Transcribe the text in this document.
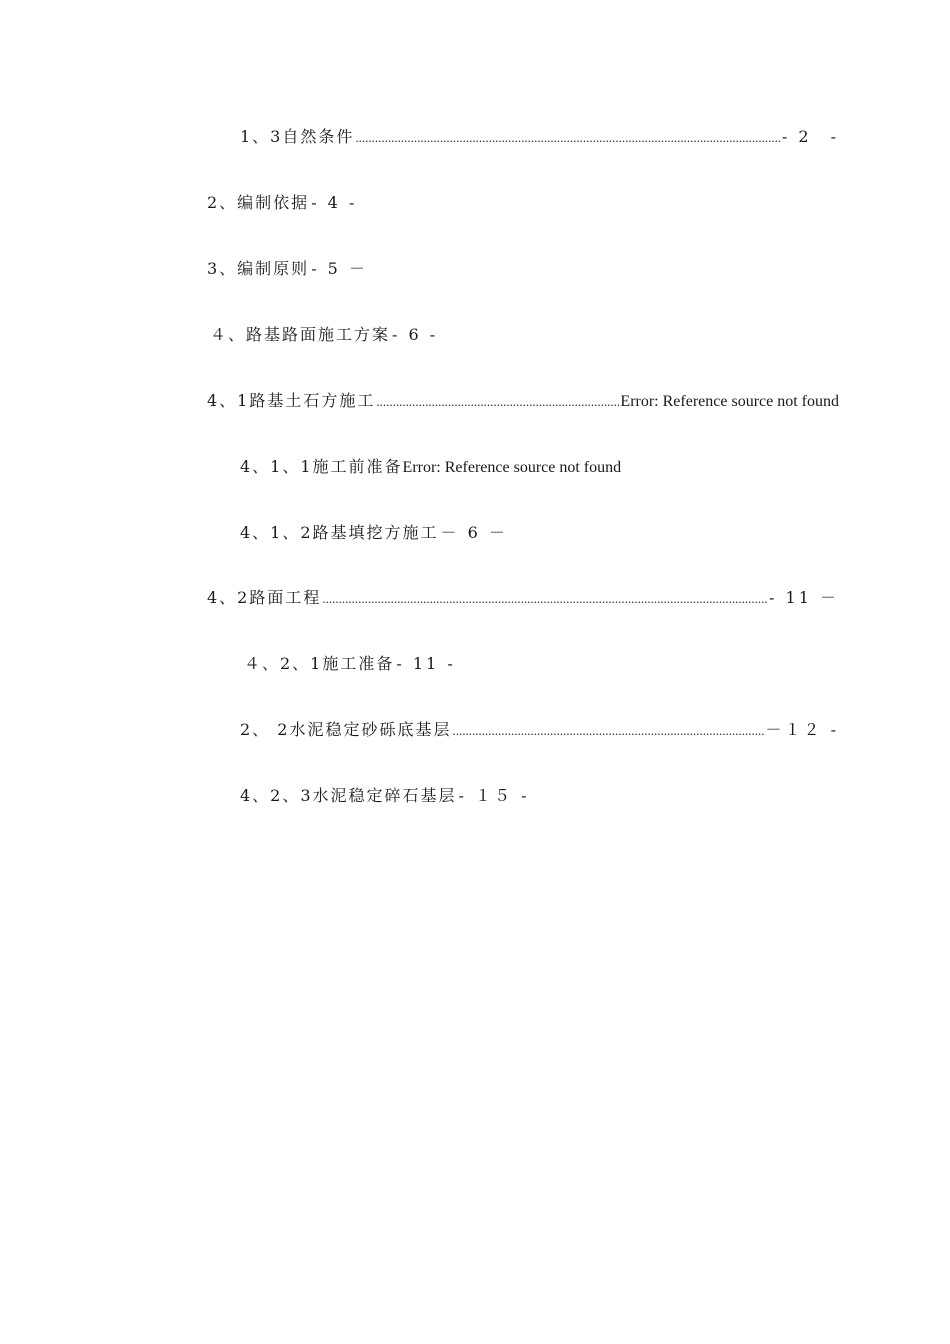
1、3自然条件 .....	- 2　-
2、编制依据 - 4 -
3、编制原则 - 5 －
４、路基路面施工方案 - 6 -
4、1路基土石方施工 .....	Error: Reference source not found
4、1、1施工前准备 Error: Reference source not found
4、1、2路基填挖方施工 － 6 －
4、2路面工程 .....	- 11 －
４、2、1施工准备 - 11 -
2、 2水泥稳定砂砾底基层 .....	－１２ -
4、2、3水泥稳定碎石基层 - １５ -
